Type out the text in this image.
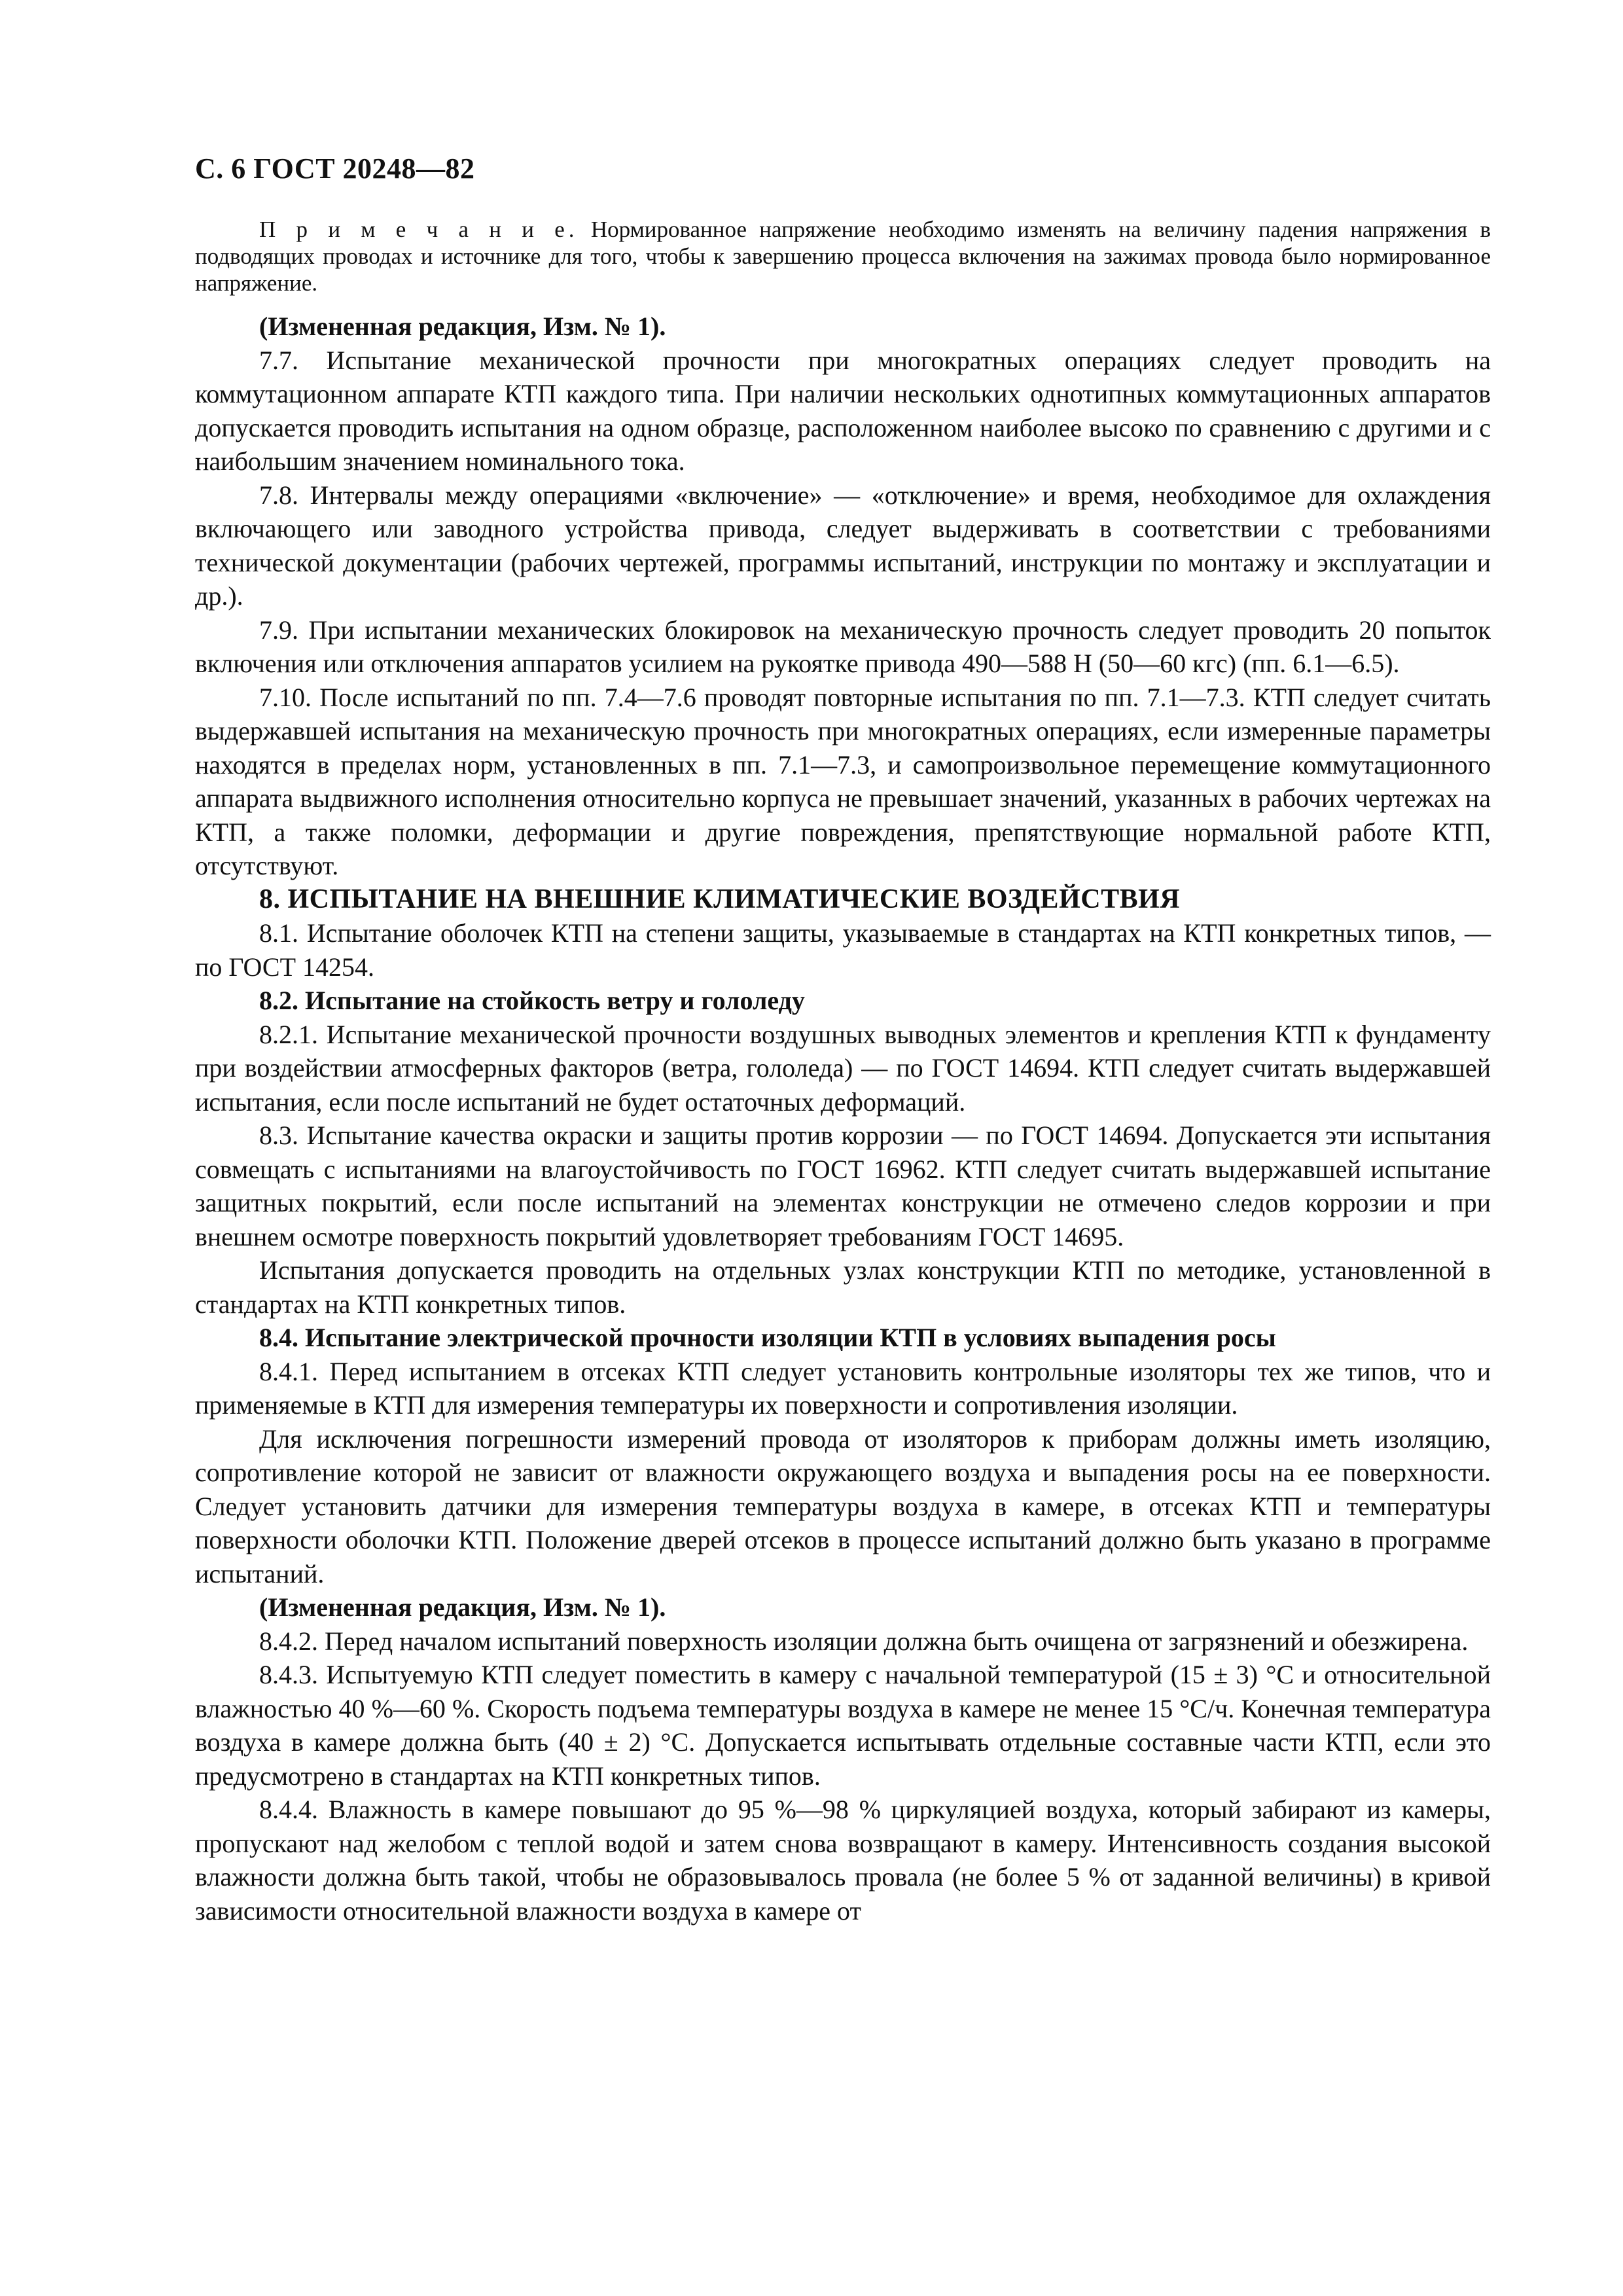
С. 6 ГОСТ 20248—82

П р и м е ч а н и е. Нормированное напряжение необходимо изменять на величину падения напряжения в подводящих проводах и источнике для того, чтобы к завершению процесса включения на зажимах провода было нормированное напряжение.

(Измененная редакция, Изм. № 1).

7.7. Испытание механической прочности при многократных операциях следует проводить на коммутационном аппарате КТП каждого типа. При наличии нескольких однотипных коммутационных аппаратов допускается проводить испытания на одном образце, расположенном наиболее высоко по сравнению с другими и с наибольшим значением номинального тока.

7.8. Интервалы между операциями «включение» — «отключение» и время, необходимое для охлаждения включающего или заводного устройства привода, следует выдерживать в соответствии с требованиями технической документации (рабочих чертежей, программы испытаний, инструкции по монтажу и эксплуатации и др.).

7.9. При испытании механических блокировок на механическую прочность следует проводить 20 попыток включения или отключения аппаратов усилием на рукоятке привода 490—588 Н (50—60 кгс) (пп. 6.1—6.5).

7.10. После испытаний по пп. 7.4—7.6 проводят повторные испытания по пп. 7.1—7.3. КТП следует считать выдержавшей испытания на механическую прочность при многократных операциях, если измеренные параметры находятся в пределах норм, установленных в пп. 7.1—7.3, и самопроизвольное перемещение коммутационного аппарата выдвижного исполнения относительно корпуса не превышает значений, указанных в рабочих чертежах на КТП, а также поломки, деформации и другие повреждения, препятствующие нормальной работе КТП, отсутствуют.

8. ИСПЫТАНИЕ НА ВНЕШНИЕ КЛИМАТИЧЕСКИЕ ВОЗДЕЙСТВИЯ

8.1. Испытание оболочек КТП на степени защиты, указываемые в стандартах на КТП конкретных типов, — по ГОСТ 14254.

8.2. Испытание на стойкость ветру и гололеду

8.2.1. Испытание механической прочности воздушных выводных элементов и крепления КТП к фундаменту при воздействии атмосферных факторов (ветра, гололеда) — по ГОСТ 14694. КТП следует считать выдержавшей испытания, если после испытаний не будет остаточных деформаций.

8.3. Испытание качества окраски и защиты против коррозии — по ГОСТ 14694. Допускается эти испытания совмещать с испытаниями на влагоустойчивость по ГОСТ 16962. КТП следует считать выдержавшей испытание защитных покрытий, если после испытаний на элементах конструкции не отмечено следов коррозии и при внешнем осмотре поверхность покрытий удовлетворяет требованиям ГОСТ 14695.

Испытания допускается проводить на отдельных узлах конструкции КТП по методике, установленной в стандартах на КТП конкретных типов.

8.4. Испытание электрической прочности изоляции КТП в условиях выпадения росы

8.4.1. Перед испытанием в отсеках КТП следует установить контрольные изоляторы тех же типов, что и применяемые в КТП для измерения температуры их поверхности и сопротивления изоляции.

Для исключения погрешности измерений провода от изоляторов к приборам должны иметь изоляцию, сопротивление которой не зависит от влажности окружающего воздуха и выпадения росы на ее поверхности. Следует установить датчики для измерения температуры воздуха в камере, в отсеках КТП и температуры поверхности оболочки КТП. Положение дверей отсеков в процессе испытаний должно быть указано в программе испытаний.

(Измененная редакция, Изм. № 1).

8.4.2. Перед началом испытаний поверхность изоляции должна быть очищена от загрязнений и обезжирена.

8.4.3. Испытуемую КТП следует поместить в камеру с начальной температурой (15 ± 3) °С и относительной влажностью 40 %—60 %. Скорость подъема температуры воздуха в камере не менее 15 °С/ч. Конечная температура воздуха в камере должна быть (40 ± 2) °С. Допускается испытывать отдельные составные части КТП, если это предусмотрено в стандартах на КТП конкретных типов.

8.4.4. Влажность в камере повышают до 95 %—98 % циркуляцией воздуха, который забирают из камеры, пропускают над желобом с теплой водой и затем снова возвращают в камеру. Интенсивность создания высокой влажности должна быть такой, чтобы не образовывалось провала (не более 5 % от заданной величины) в кривой зависимости относительной влажности воздуха в камере от
